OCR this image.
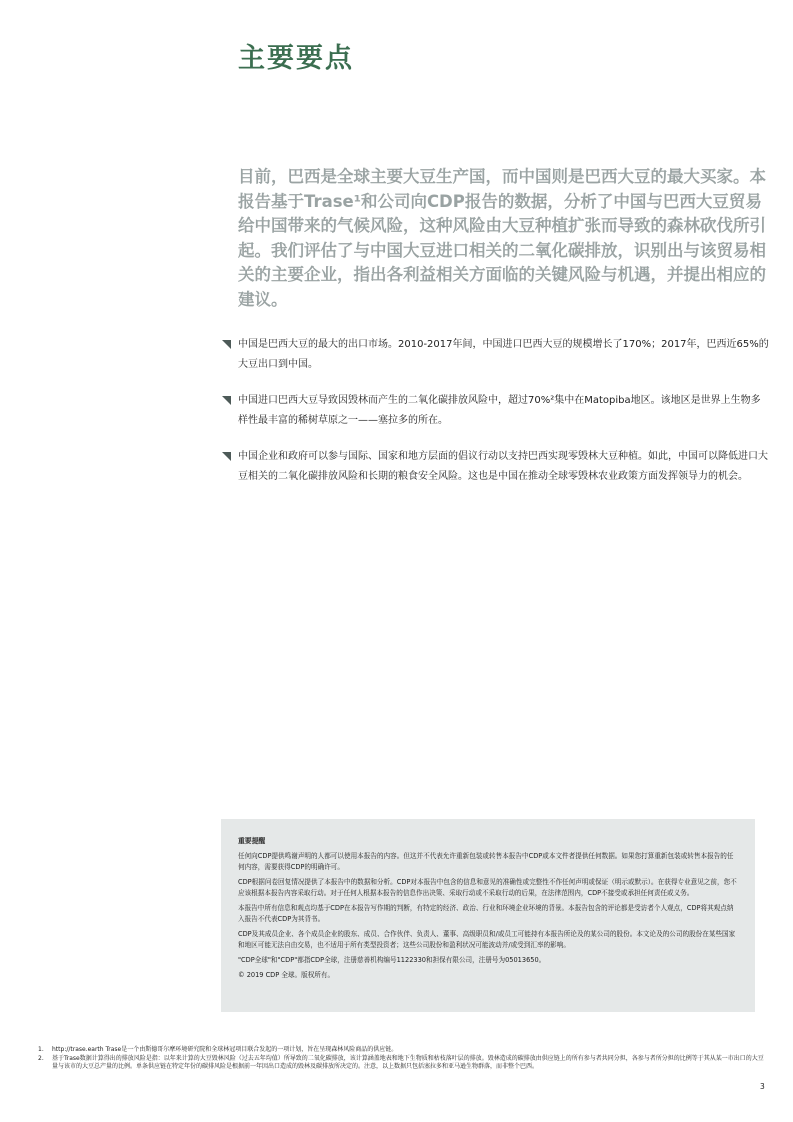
主要要点

目前，巴西是全球主要大豆生产国，而中国则是巴西大豆的最大买家。本报告基于Trase¹和公司向CDP报告的数据，分析了中国与巴西大豆贸易给中国带来的气候风险，这种风险由大豆种植扩张而导致的森林砍伐所引起。我们评估了与中国大豆进口相关的二氧化碳排放，识别出与该贸易相关的主要企业，指出各利益相关方面临的关键风险与机遇，并提出相应的建议。

中国是巴西大豆的最大的出口市场。2010-2017年间，中国进口巴西大豆的规模增长了170%；2017年，巴西近65%的大豆出口到中国。
中国进口巴西大豆导致因毁林而产生的二氧化碳排放风险中，超过70%²集中在Matopiba地区。该地区是世界上生物多样性最丰富的稀树草原之一——塞拉多的所在。
中国企业和政府可以参与国际、国家和地方层面的倡议行动以支持巴西实现零毁林大豆种植。如此，中国可以降低进口大豆相关的二氧化碳排放风险和长期的粮食安全风险。这也是中国在推动全球零毁林农业政策方面发挥领导力的机会。

重要提醒

任何向CDP提供鸣谢声明的人都可以使用本报告的内容。但这并不代表允许重新包装或转售本报告中CDP或本文件者提供任何数据。如果您打算重新包装或转售本报告的任何内容，需要获得CDP的明确许可。

CDP根据问卷回复情况提供了本报告中的数据和分析。CDP对本报告中包含的信息和意见的准确性或完整性不作任何声明或保证（明示或默示）。在获得专业意见之前，您不应该根据本报告内容采取行动。对于任何人根据本报告的信息作出决策、采取行动或不采取行动的后果，在法律范围内，CDP不接受或承担任何责任或义务。

本报告中所有信息和观点均基于CDP在本报告写作期的判断，有特定的经济、政治、行业和环境企业环境的背景。本报告包含的评论都是受访者个人观点，CDP将其观点纳入报告不代表CDP为其背书。

CDP及其成员企业、各个成员企业的股东、成员、合作伙伴、负责人、董事、高级职员和/或员工可能持有本报告所论及的某公司的股份。本文论及的公司的股份在某些国家和地区可能无法自由交易，也不适用于所有类型投资者；这些公司股份和盈利状况可能波动并/或受到汇率的影响。

"CDP全球"和"CDP"都指CDP全球，注册慈善机构编号1122330和担保有限公司，注册号为05013650。

© 2019 CDP 全球。版权所有。

1. http://trase.earth Trase是一个由斯德哥尔摩环境研究院和全球林冠项目联合发起的一项计划，旨在呈现森林风险商品的供应链。
2. 基于Trase数据计算得出的排放风险是指：以年来计算的大豆毁林风险（过去五年均值）所导致的二氧化碳排放，该计算涵盖地表和地下生物质和枯枝落叶层的排放。毁林造成的碳排放由供应链上的所有参与者共同分担，各参与者所分担的比例等于其从某一市出口的大豆量与该市的大豆总产量的比例。单条供应链在特定年份的碳排风险是根据前一年因出口造成的毁林及碳排放所决定的。注意，以上数据只包括塞拉多和亚马逊生物群落，而非整个巴西。
3
